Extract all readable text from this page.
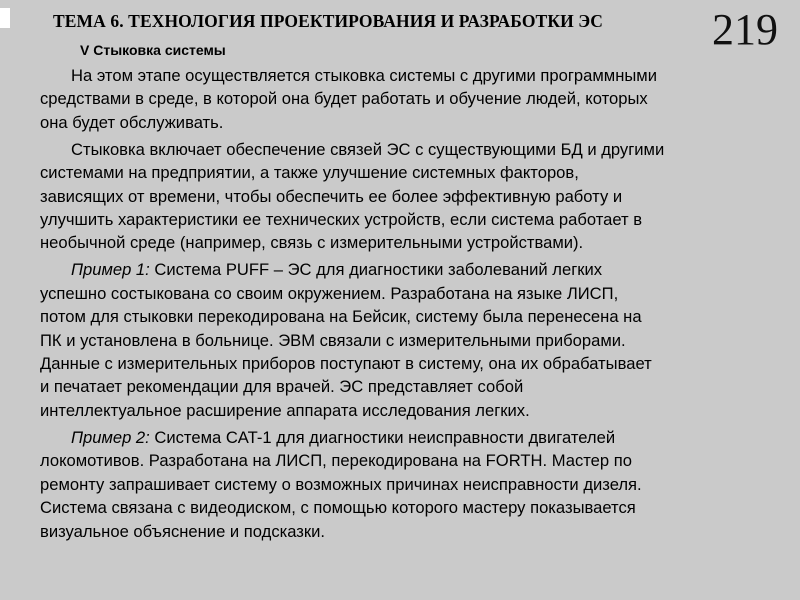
ТЕМА 6. ТЕХНОЛОГИЯ ПРОЕКТИРОВАНИЯ И РАЗРАБОТКИ ЭС 219
V Стыковка системы
На этом этапе осуществляется стыковка системы с другими программными
средствами в среде, в которой она будет работать и обучение людей, которых
она будет обслуживать.
Стыковка включает обеспечение связей ЭС с существующими БД и другими
системами на предприятии, а также улучшение системных факторов,
зависящих от времени, чтобы обеспечить ее более эффективную работу и
улучшить характеристики ее технических устройств, если система работает в
необычной среде (например, связь с измерительными устройствами).
Пример 1: Система PUFF – ЭС для диагностики заболеваний легких
успешно состыкована со своим окружением. Разработана на языке ЛИСП,
потом для стыковки перекодирована на Бейсик, систему была перенесена на
ПК и установлена в больнице. ЭВМ связали с измерительными приборами.
Данные с измерительных приборов поступают в систему, она их обрабатывает
и печатает рекомендации для врачей. ЭС представляет собой
интеллектуальное расширение аппарата исследования легких.
Пример 2: Система CAT-1 для диагностики неисправности двигателей
локомотивов. Разработана на ЛИСП, перекодирована на FORTH. Мастер по
ремонту запрашивает систему о возможных причинах неисправности дизеля.
Система связана с видеодиском, с помощью которого мастеру показывается
визуальное объяснение и подсказки.
